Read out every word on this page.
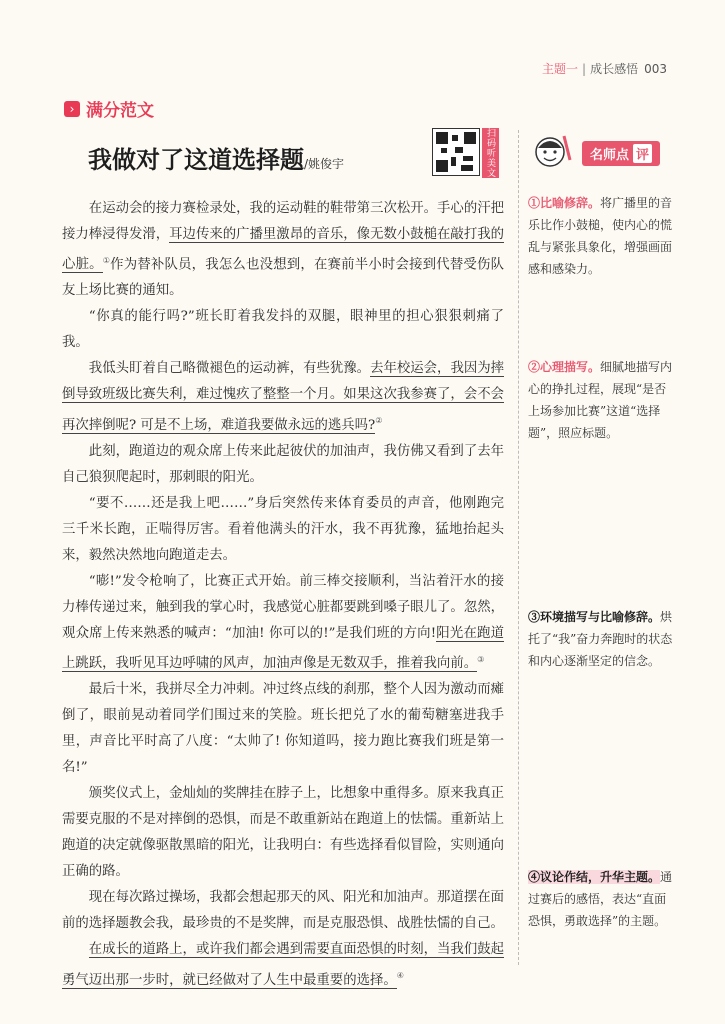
主题一 | 成长感悟 003
› 满分范文
我做对了这道选择题/姚俊宇	扫码听美文

在运动会的接力赛检录处，我的运动鞋的鞋带第三次松开。手心的汗把接力棒浸得发滑，耳边传来的广播里激昂的音乐，像无数小鼓槌在敲打我的心脏。①作为替补队员，我怎么也没想到，在赛前半小时会接到代替受伤队友上场比赛的通知。

“你真的能行吗?”班长盯着我发抖的双腿，眼神里的担心狠狠刺痛了我。

我低头盯着自己略微褪色的运动裤，有些犹豫。去年校运会，我因为摔倒导致班级比赛失利，难过愧疚了整整一个月。如果这次我参赛了，会不会再次摔倒呢? 可是不上场，难道我要做永远的逃兵吗?②

此刻，跑道边的观众席上传来此起彼伏的加油声，我仿佛又看到了去年自己狼狈爬起时，那刺眼的阳光。

“要不……还是我上吧……”身后突然传来体育委员的声音，他刚跑完三千米长跑，正喘得厉害。看着他满头的汗水，我不再犹豫，猛地抬起头来，毅然决然地向跑道走去。

“嘭!”发令枪响了，比赛正式开始。前三棒交接顺利，当沾着汗水的接力棒传递过来，触到我的掌心时，我感觉心脏都要跳到嗓子眼儿了。忽然，观众席上传来熟悉的喊声：“加油! 你可以的!”是我们班的方向!阳光在跑道上跳跃，我听见耳边呼啸的风声，加油声像是无数双手，推着我向前。③

最后十米，我拼尽全力冲刺。冲过终点线的刹那，整个人因为激动而瘫倒了，眼前晃动着同学们围过来的笑脸。班长把兑了水的葡萄糖塞进我手里，声音比平时高了八度：“太帅了! 你知道吗，接力跑比赛我们班是第一名!”

颁奖仪式上，金灿灿的奖牌挂在脖子上，比想象中重得多。原来我真正需要克服的不是对摔倒的恐惧，而是不敢重新站在跑道上的怯懦。重新站上跑道的决定就像驱散黑暗的阳光，让我明白：有些选择看似冒险，实则通向正确的路。

现在每次路过操场，我都会想起那天的风、阳光和加油声。那道摆在面前的选择题教会我，最珍贵的不是奖牌，而是克服恐惧、战胜怯懦的自己。

在成长的道路上，或许我们都会遇到需要直面恐惧的时刻，当我们鼓起勇气迈出那一步时，就已经做对了人生中最重要的选择。④

名师点 评
①比喻修辞。将广播里的音乐比作小鼓槌，使内心的慌乱与紧张具象化，增强画面感和感染力。
②心理描写。细腻地描写内心的挣扎过程，展现“是否上场参加比赛”这道“选择题”，照应标题。
③环境描写与比喻修辞。烘托了“我”奋力奔跑时的状态和内心逐渐坚定的信念。
④议论作结，升华主题。通过赛后的感悟，表达“直面恐惧，勇敢选择”的主题。
